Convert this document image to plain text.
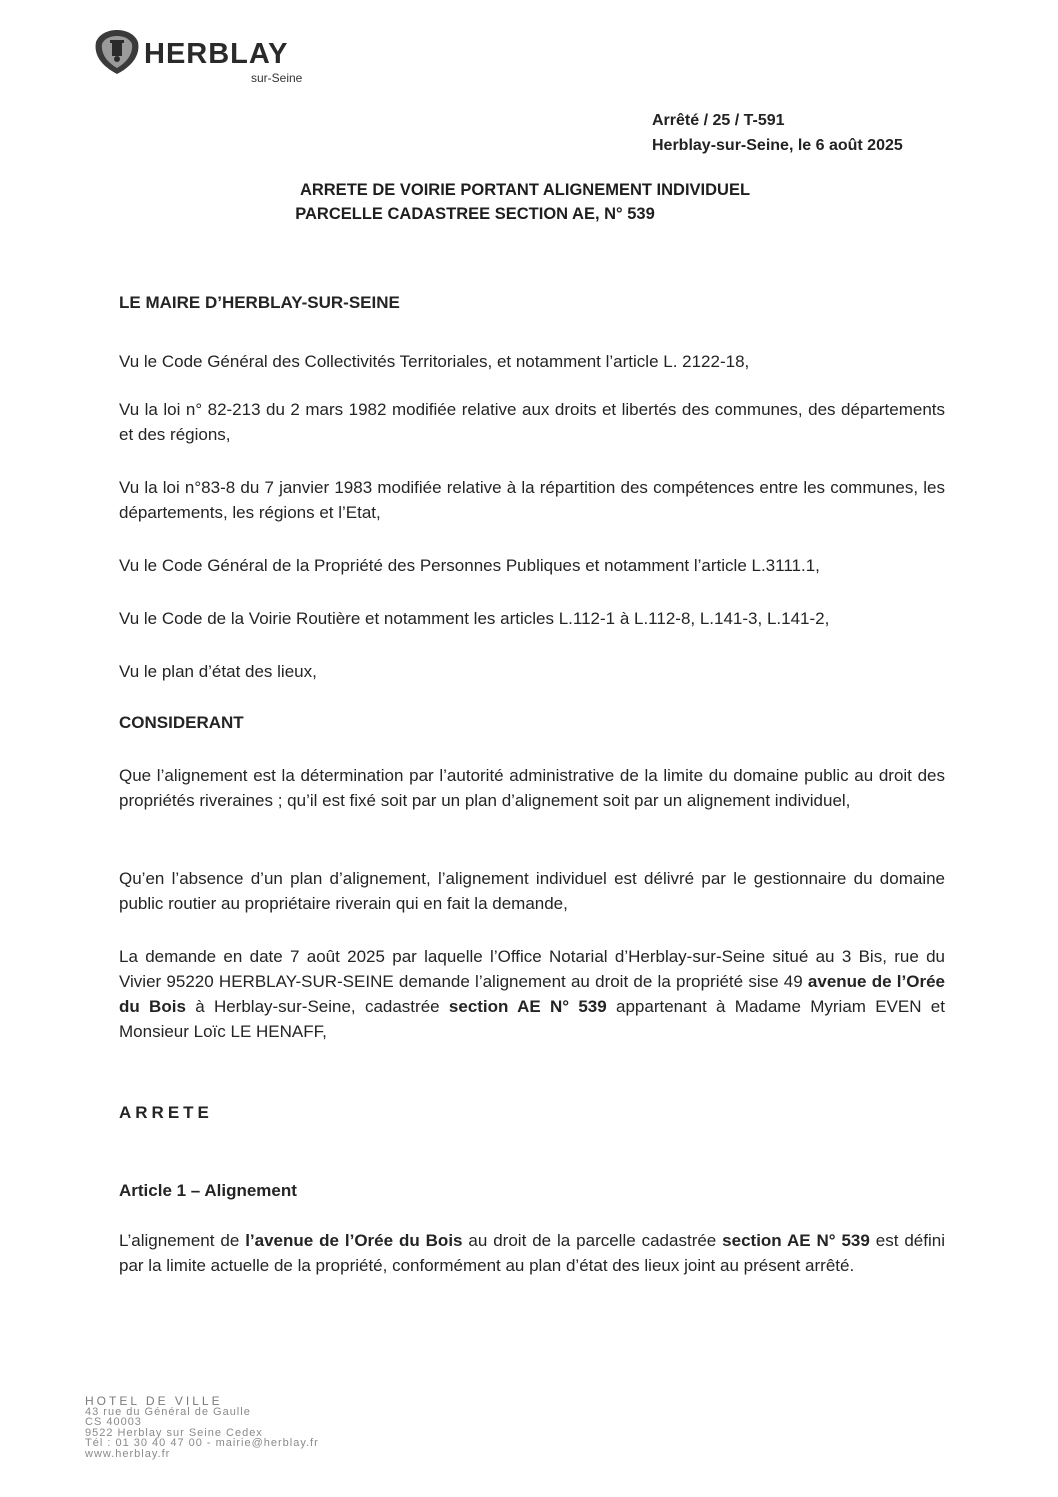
HERBLAY
sur-Seine
Arrêté / 25 / T-591
Herblay-sur-Seine, le 6 août 2025
ARRETE DE VOIRIE PORTANT ALIGNEMENT INDIVIDUEL
PARCELLE CADASTREE SECTION AE, N° 539
LE MAIRE D’HERBLAY-SUR-SEINE
Vu le Code Général des Collectivités Territoriales, et notamment l’article L. 2122-18,
Vu la loi n° 82-213 du 2 mars 1982 modifiée relative aux droits et libertés des communes, des départements et des régions,
Vu la loi n°83-8 du 7 janvier 1983 modifiée relative à la répartition des compétences entre les communes, les départements, les régions et l’Etat,
Vu le Code Général de la Propriété des Personnes Publiques et notamment l’article L.3111.1,
Vu le Code de la Voirie Routière et notamment les articles L.112-1 à L.112-8, L.141-3, L.141-2,
Vu le plan d’état des lieux,
CONSIDERANT
Que l’alignement est la détermination par l’autorité administrative de la limite du domaine public au droit des propriétés riveraines ; qu’il est fixé soit par un plan d’alignement soit par un alignement individuel,
Qu’en l’absence d’un plan d’alignement, l’alignement individuel est délivré par le gestionnaire du domaine public routier au propriétaire riverain qui en fait la demande,
La demande en date 7 août 2025 par laquelle l’Office Notarial d’Herblay-sur-Seine situé au 3 Bis, rue du Vivier 95220 HERBLAY-SUR-SEINE demande l’alignement au droit de la propriété sise 49 avenue de l’Orée du Bois à Herblay-sur-Seine, cadastrée section AE N° 539 appartenant à Madame Myriam EVEN et Monsieur Loïc LE HENAFF,
ARRETE
Article 1 – Alignement
L’alignement de l’avenue de l’Orée du Bois au droit de la parcelle cadastrée section AE N° 539 est défini par la limite actuelle de la propriété, conformément au plan d’état des lieux joint au présent arrêté.
HOTEL DE VILLE
43 rue du Général de Gaulle
CS 40003
9522 Herblay sur Seine Cedex
Tél : 01 30 40 47 00 - mairie@herblay.fr
www.herblay.fr
